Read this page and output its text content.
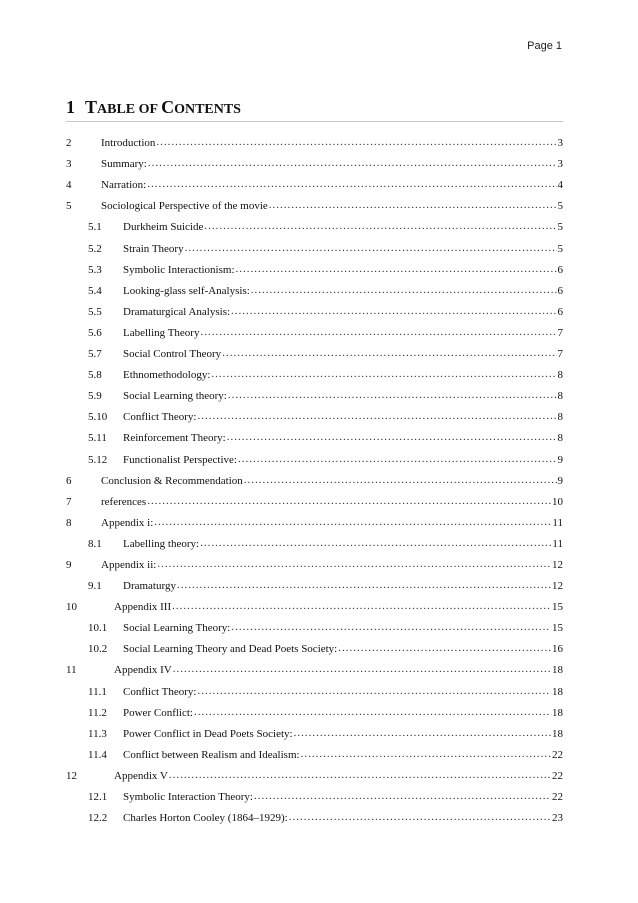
Page 1
1 TABLE OF CONTENTS
2	Introduction .....	3
3	Summary: .....	3
4	Narration: .....	4
5	Sociological Perspective of the movie .....	5
5.1	Durkheim Suicide .....	5
5.2	Strain Theory .....	5
5.3	Symbolic Interactionism: .....	6
5.4	Looking-glass self-Analysis: .....	6
5.5	Dramaturgical Analysis: .....	6
5.6	Labelling Theory .....	7
5.7	Social Control Theory .....	7
5.8	Ethnomethodology: .....	8
5.9	Social Learning theory: .....	8
5.10	Conflict Theory: .....	8
5.11	Reinforcement Theory: .....	8
5.12	Functionalist Perspective: .....	9
6	Conclusion & Recommendation .....	9
7	references .....	10
8	Appendix i: .....	11
8.1	Labelling theory: .....	11
9	Appendix ii: .....	12
9.1	Dramaturgy .....	12
10	Appendix III .....	15
10.1	Social Learning Theory: .....	15
10.2	Social Learning Theory and Dead Poets Society: .....	16
11	Appendix IV .....	18
11.1	Conflict Theory: .....	18
11.2	Power Conflict: .....	18
11.3	Power Conflict in Dead Poets Society: .....	18
11.4	Conflict between Realism and Idealism: .....	22
12	Appendix V .....	22
12.1	Symbolic Interaction Theory: .....	22
12.2	Charles Horton Cooley (1864–1929): .....	23
